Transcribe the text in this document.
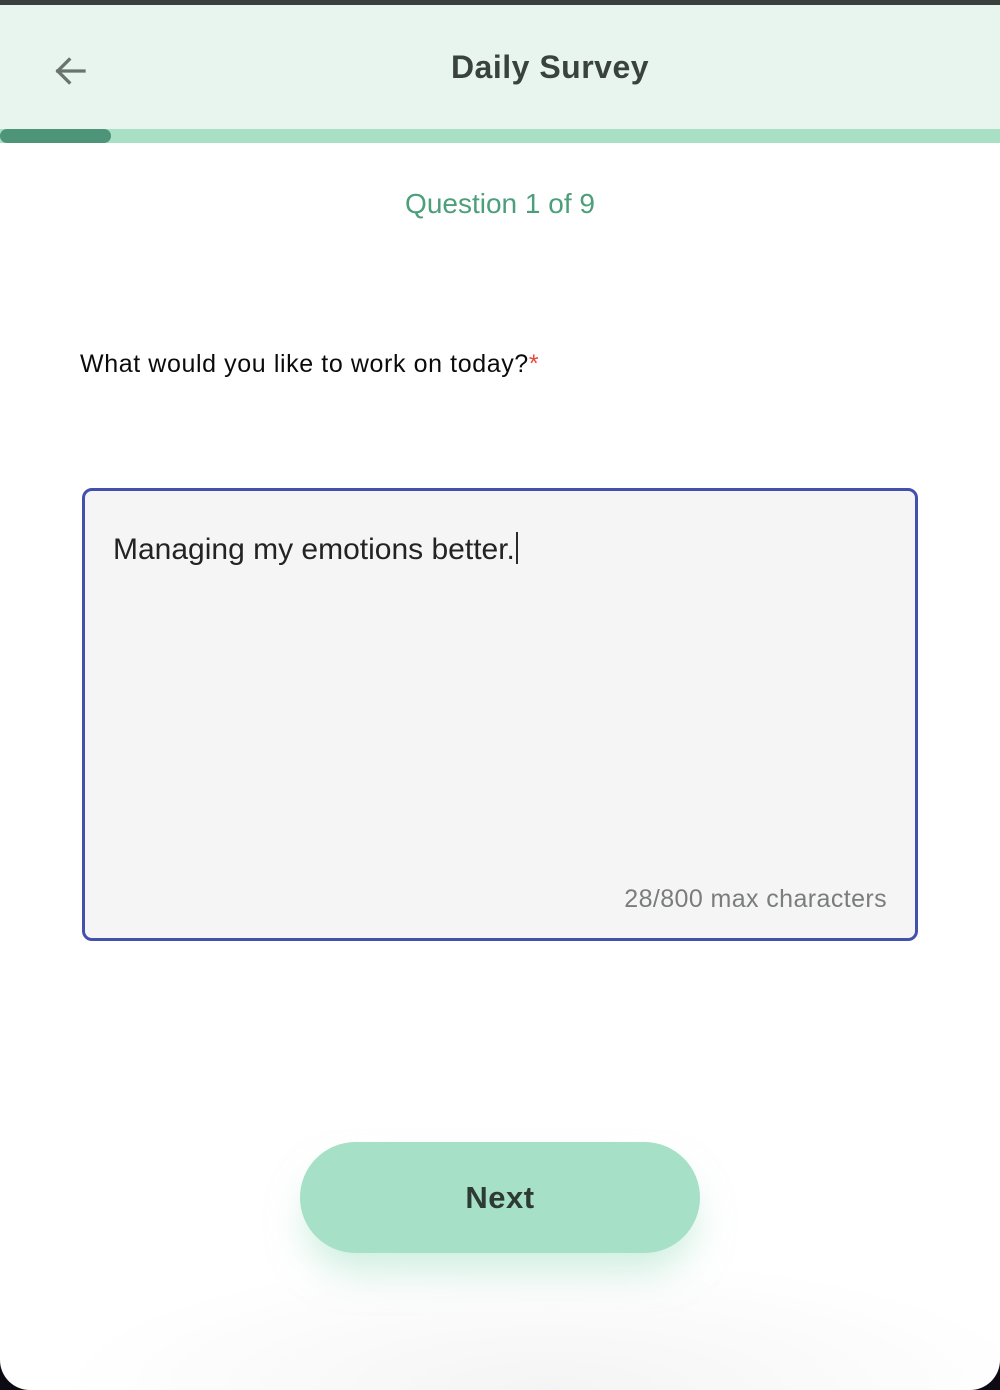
Daily Survey
Question 1 of 9
What would you like to work on today?*
Managing my emotions better.
28/800 max characters
Next
